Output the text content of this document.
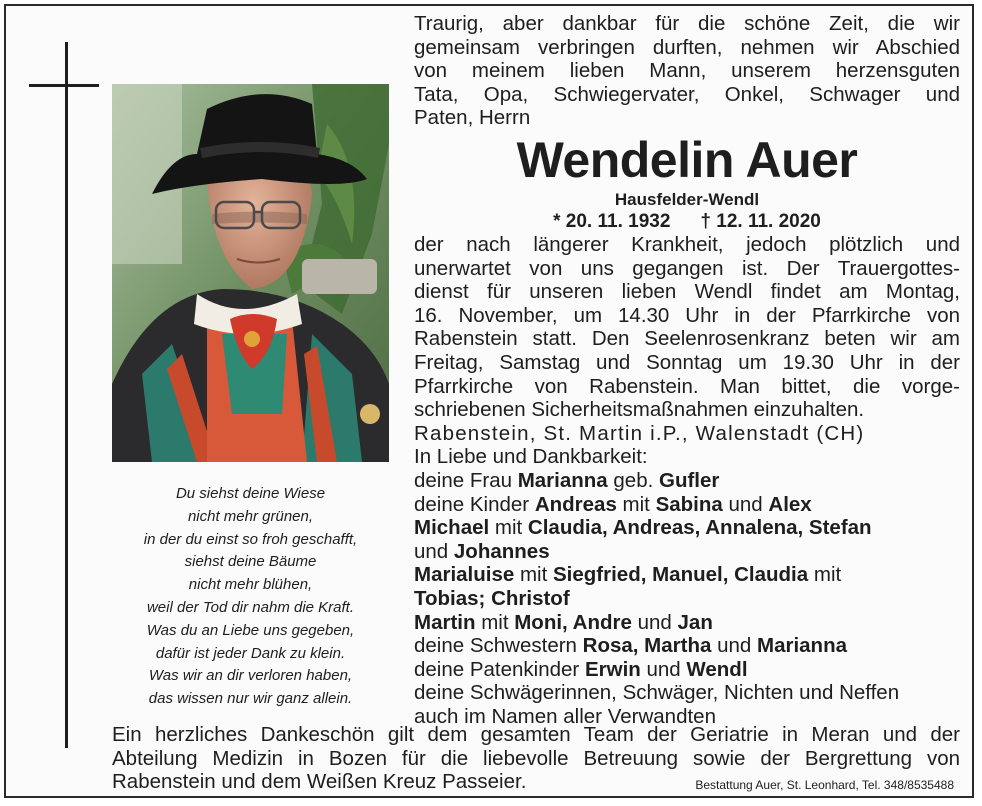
Du siehst deine Wiese
nicht mehr grünen,
in der du einst so froh geschafft,
siehst deine Bäume
nicht mehr blühen,
weil der Tod dir nahm die Kraft.
Was du an Liebe uns gegeben,
dafür ist jeder Dank zu klein.
Was wir an dir verloren haben,
das wissen nur wir ganz allein.
Traurig, aber dankbar für die schöne Zeit, die wir
gemeinsam verbringen durften, nehmen wir Abschied
von meinem lieben Mann, unserem herzensguten
Tata, Opa, Schwiegervater, Onkel, Schwager und
Paten, Herrn
Wendelin Auer
Hausfelder-Wendl
* 20. 11. 1932 † 12. 11. 2020
der nach längerer Krankheit, jedoch plötzlich und
unerwartet von uns gegangen ist. Der Trauergottes-
dienst für unseren lieben Wendl findet am Montag,
16. November, um 14.30 Uhr in der Pfarrkirche von
Rabenstein statt. Den Seelenrosenkranz beten wir am
Freitag, Samstag und Sonntag um 19.30 Uhr in der
Pfarrkirche von Rabenstein. Man bittet, die vorge-
schriebenen Sicherheitsmaßnahmen einzuhalten.
Rabenstein, St. Martin i.P., Walenstadt (CH)
In Liebe und Dankbarkeit:
deine Frau Marianna geb. Gufler
deine Kinder Andreas mit Sabina und Alex
Michael mit Claudia, Andreas, Annalena, Stefan
und Johannes
Marialuise mit Siegfried, Manuel, Claudia mit
Tobias; Christof
Martin mit Moni, Andre und Jan
deine Schwestern Rosa, Martha und Marianna
deine Patenkinder Erwin und Wendl
deine Schwägerinnen, Schwäger, Nichten und Neffen
auch im Namen aller Verwandten
Ein herzliches Dankeschön gilt dem gesamten Team der Geriatrie in Meran und der
Abteilung Medizin in Bozen für die liebevolle Betreuung sowie der Bergrettung von
Rabenstein und dem Weißen Kreuz Passeier.	Bestattung Auer, St. Leonhard, Tel. 348/8535488
